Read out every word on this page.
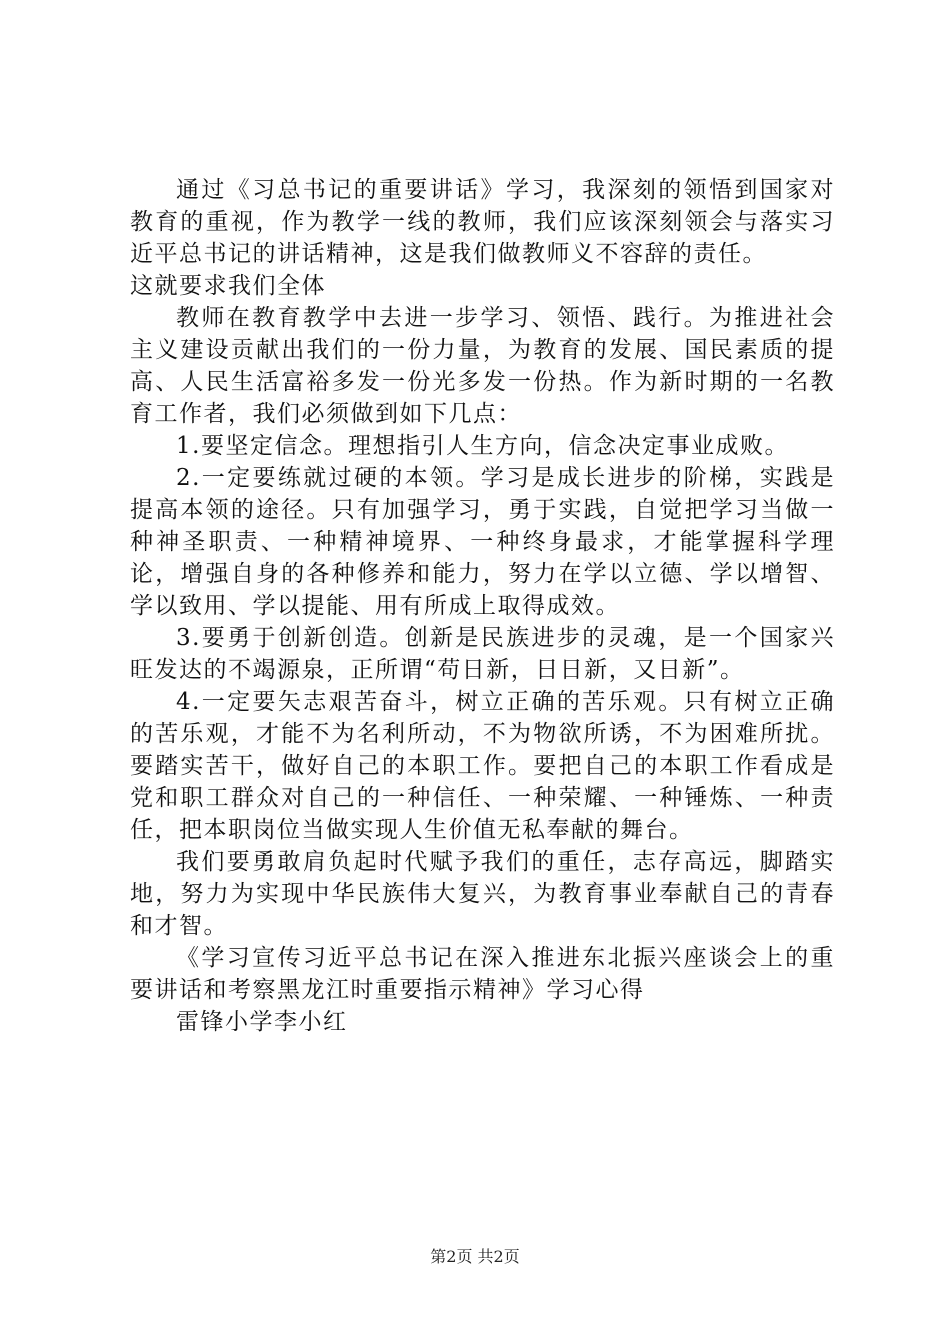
通过《习总书记的重要讲话》学习，我深刻的领悟到国家对教育的重视，作为教学一线的教师，我们应该深刻领会与落实习近平总书记的讲话精神，这是我们做教师义不容辞的责任。

这就要求我们全体

教师在教育教学中去进一步学习、领悟、践行。为推进社会主义建设贡献出我们的一份力量，为教育的发展、国民素质的提高、人民生活富裕多发一份光多发一份热。作为新时期的一名教育工作者，我们必须做到如下几点：

1.要坚定信念。理想指引人生方向，信念决定事业成败。

2.一定要练就过硬的本领。学习是成长进步的阶梯，实践是提高本领的途径。只有加强学习，勇于实践，自觉把学习当做一种神圣职责、一种精神境界、一种终身最求，才能掌握科学理论，增强自身的各种修养和能力，努力在学以立德、学以增智、学以致用、学以提能、用有所成上取得成效。

3.要勇于创新创造。创新是民族进步的灵魂，是一个国家兴旺发达的不竭源泉，正所谓“苟日新，日日新，又日新”。

4.一定要矢志艰苦奋斗，树立正确的苦乐观。只有树立正确的苦乐观，才能不为名利所动，不为物欲所诱，不为困难所扰。要踏实苦干，做好自己的本职工作。要把自己的本职工作看成是党和职工群众对自己的一种信任、一种荣耀、一种锤炼、一种责任，把本职岗位当做实现人生价值无私奉献的舞台。

我们要勇敢肩负起时代赋予我们的重任，志存高远，脚踏实地，努力为实现中华民族伟大复兴，为教育事业奉献自己的青春和才智。

《学习宣传习近平总书记在深入推进东北振兴座谈会上的重要讲话和考察黑龙江时重要指示精神》学习心得

雷锋小学李小红

第2页 共2页
